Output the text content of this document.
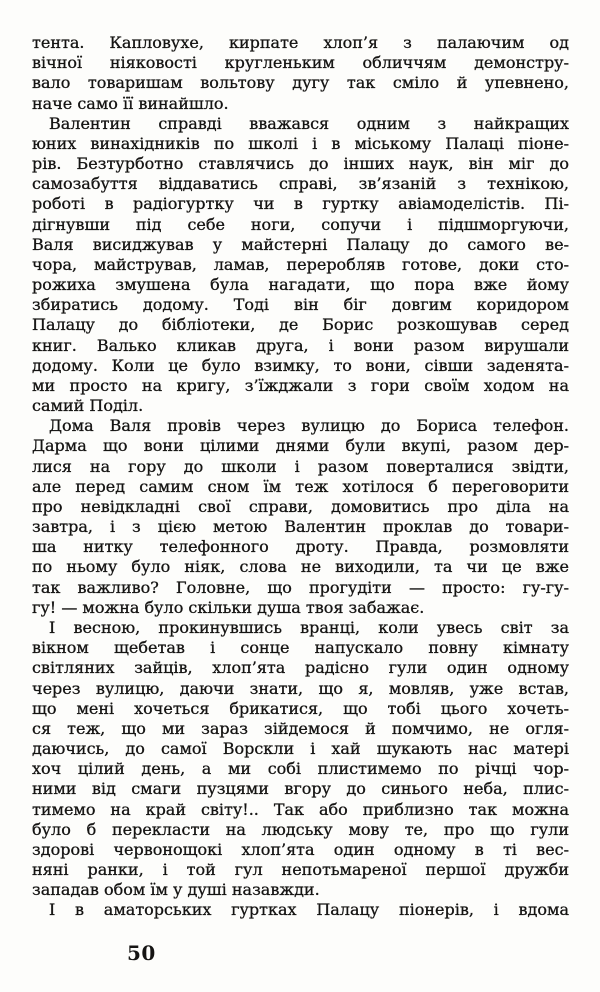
тента. Капловухе, кирпате хлоп’я з палаючим од
вічної ніяковості кругленьким обличчям демонстру-
вало товаришам вольтову дугу так сміло й упевнено,
наче само її винайшло.
Валентин справді вважався одним з найкращих
юних винахідників по школі і в міському Палаці піоне-
рів. Безтурботно ставлячись до інших наук, він міг до
самозабуття віддаватись справі, зв’язаній з технікою,
роботі в радіогуртку чи в гуртку авіамоделістів. Пі-
дігнувши під себе ноги, сопучи і підшморгуючи,
Валя висиджував у майстерні Палацу до самого ве-
чора, майстрував, ламав, переробляв готове, доки сто-
рожиха змушена була нагадати, що пора вже йому
збиратись додому. Тоді він біг довгим коридором
Палацу до бібліотеки, де Борис розкошував серед
книг. Валько кликав друга, і вони разом вирушали
додому. Коли це було взимку, то вони, сівши заденята-
ми просто на кригу, з’їжджали з гори своїм ходом на
самий Поділ.
Дома Валя провів через вулицю до Бориса телефон.
Дарма що вони цілими днями були вкупі, разом дер-
лися на гору до школи і разом поверталися звідти,
але перед самим сном їм теж хотілося б переговорити
про невідкладні свої справи, домовитись про діла на
завтра, і з цією метою Валентин проклав до товари-
ша нитку телефонного дроту. Правда, розмовляти
по ньому було ніяк, слова не виходили, та чи це вже
так важливо? Головне, що прогудіти — просто: гу-гу-
гу! — можна було скільки душа твоя забажає.
І весною, прокинувшись вранці, коли увесь світ за
вікном щебетав і сонце напускало повну кімнату
світляних зайців, хлоп’ята радісно гули один одному
через вулицю, даючи знати, що я, мовляв, уже встав,
що мені хочеться брикатися, що тобі цього хочеть-
ся теж, що ми зараз зійдемося й помчимо, не огля-
даючись, до самої Ворскли і хай шукають нас матері
хоч цілий день, а ми собі плистимемо по річці чор-
ними від смаги пузцями вгору до синього неба, плис-
тимемо на край світу!.. Так або приблизно так можна
було б перекласти на людську мову те, про що гули
здорові червонощокі хлоп’ята один одному в ті вес-
няні ранки, і той гул непотьмареної першої дружби
западав обом їм у душі назавжди.
І в аматорських гуртках Палацу піонерів, і вдома
50
